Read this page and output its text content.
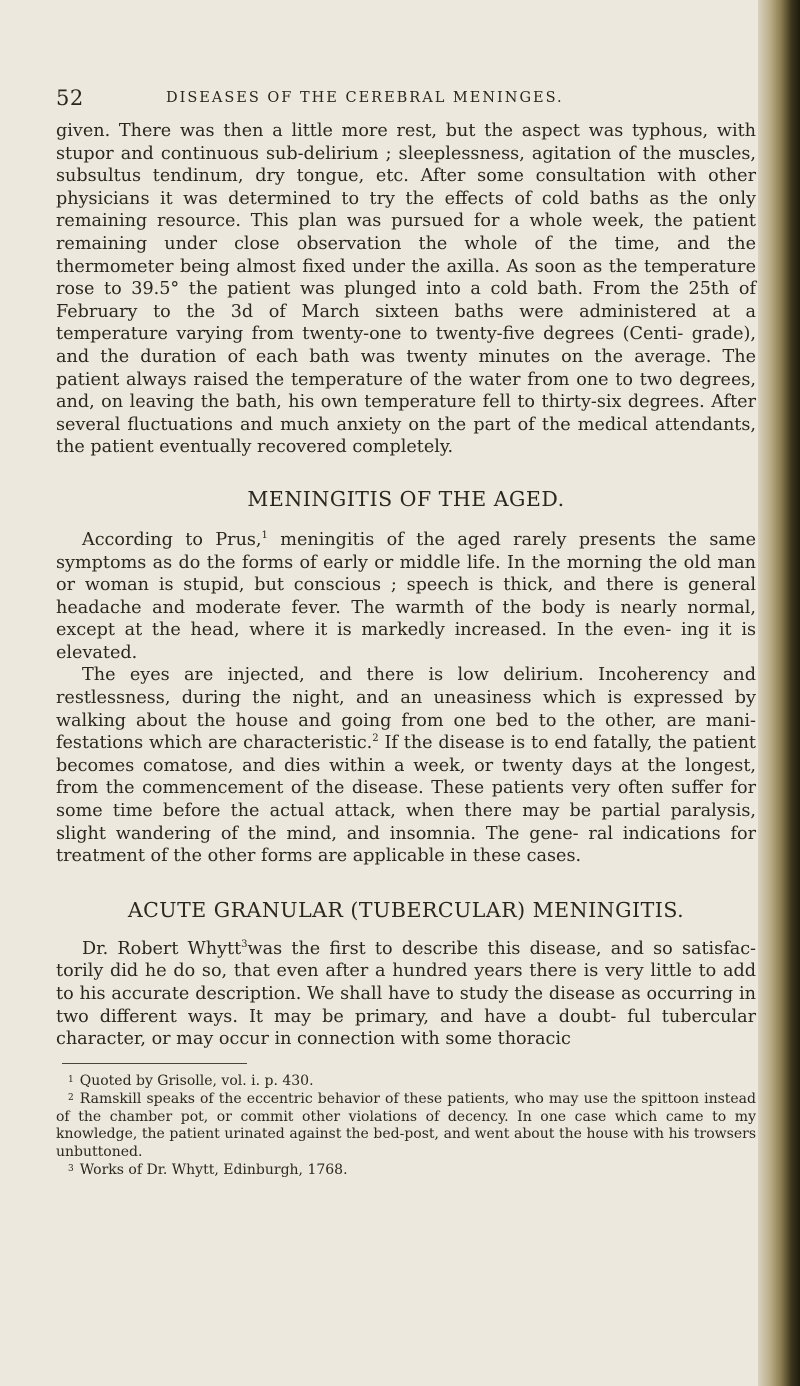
52	DISEASES OF THE CEREBRAL MENINGES.

given. There was then a little more rest, but the aspect was typhous, with stupor and continuous sub-delirium ; sleeplessness, agitation of the muscles, subsultus tendinum, dry tongue, etc. After some consultation with other physicians it was determined to try the effects of cold baths as the only remaining resource. This plan was pursued for a whole week, the patient remaining under close observation the whole of the time, and the thermometer being almost fixed under the axilla. As soon as the temperature rose to 39.5° the patient was plunged into a cold bath. From the 25th of February to the 3d of March sixteen baths were administered at a temperature varying from twenty-one to twenty-five degrees (Centi- grade), and the duration of each bath was twenty minutes on the average. The patient always raised the temperature of the water from one to two degrees, and, on leaving the bath, his own temperature fell to thirty-six degrees. After several fluctuations and much anxiety on the part of the medical attendants, the patient eventually recovered completely.

MENINGITIS OF THE AGED.

According to Prus,$^1$ meningitis of the aged rarely presents the same symptoms as do the forms of early or middle life. In the morning the old man or woman is stupid, but conscious ; speech is thick, and there is general headache and moderate fever. The warmth of the body is nearly normal, except at the head, where it is markedly increased. In the even- ing it is elevated.

The eyes are injected, and there is low delirium. Incoherency and restlessness, during the night, and an uneasiness which is expressed by walking about the house and going from one bed to the other, are mani- festations which are characteristic.$^2$ If the disease is to end fatally, the patient becomes comatose, and dies within a week, or twenty days at the longest, from the commencement of the disease. These patients very often suffer for some time before the actual attack, when there may be partial paralysis, slight wandering of the mind, and insomnia. The gene- ral indications for treatment of the other forms are applicable in these cases.

ACUTE GRANULAR (TUBERCULAR) MENINGITIS.

Dr. Robert Whytt$^3$was the first to describe this disease, and so satisfac- torily did he do so, that even after a hundred years there is very little to add to his accurate description. We shall have to study the disease as occurring in two different ways. It may be primary, and have a doubt- ful tubercular character, or may occur in connection with some thoracic

$^1$ Quoted by Grisolle, vol. i. p. 430.

$^2$ Ramskill speaks of the eccentric behavior of these patients, who may use the spittoon instead of the chamber pot, or commit other violations of decency. In one case which came to my knowledge, the patient urinated against the bed-post, and went about the house with his trowsers unbuttoned.

$^3$ Works of Dr. Whytt, Edinburgh, 1768.
